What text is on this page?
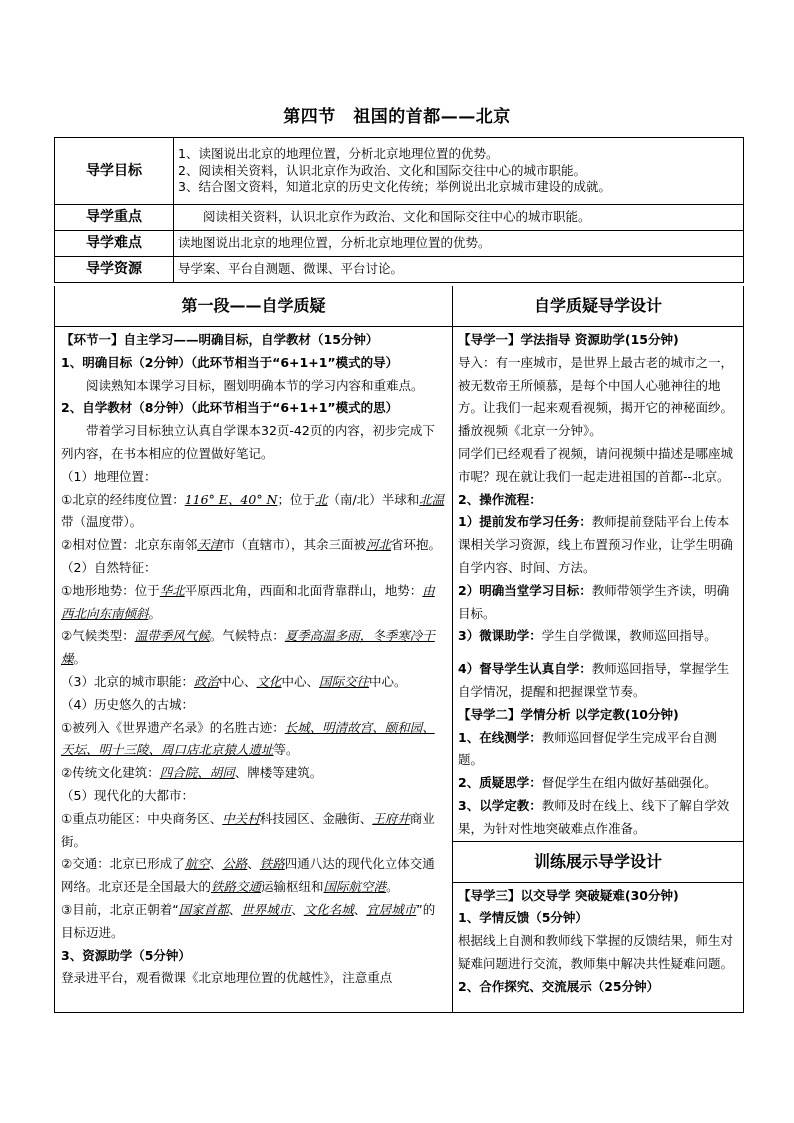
第四节　祖国的首都——北京
导学目标	1、读图说出北京的地理位置，分析北京地理位置的优势。
2、阅读相关资料，认识北京作为政治、文化和国际交往中心的城市职能。
3、结合图文资料，知道北京的历史文化传统；举例说出北京城市建设的成就。

导学重点	阅读相关资料，认识北京作为政治、文化和国际交往中心的城市职能。
导学难点	读地图说出北京的地理位置，分析北京地理位置的优势。
导学资源	导学案、平台自测题、微课、平台讨论。
第一段——自学质疑

【环节一】自主学习——明确目标，自学教材（15分钟）

1、明确目标（2分钟）（此环节相当于“6+1+1”模式的导）

阅读熟知本课学习目标，圈划明确本节的学习内容和重难点。

2、自学教材（8分钟）（此环节相当于“6+1+1”模式的思）

带着学习目标独立认真自学课本32页-42页的内容，初步完成下列内容，在书本相应的位置做好笔记。

（1）地理位置：

①北京的经纬度位置：116° E、40° N；位于北（南/北）半球和北温带（温度带）。

②相对位置：北京东南邻天津市（直辖市），其余三面被河北省环抱。

（2）自然特征：

①地形地势：位于华北平原西北角，西面和北面背靠群山，地势：由西北向东南倾斜。

②气候类型：温带季风气候。气候特点：夏季高温多雨，冬季寒冷干燥。

（3）北京的城市职能：政治中心、文化中心、国际交往中心。

（4）历史悠久的古城：

①被列入《世界遗产名录》的名胜古迹：长城、明清故宫、颐和园、天坛、明十三陵、周口店北京猿人遗址等。

②传统文化建筑：四合院、胡同、牌楼等建筑。

（5）现代化的大都市：

①重点功能区：中央商务区、中关村科技园区、金融街、王府井商业街。

②交通：北京已形成了航空、公路、铁路四通八达的现代化立体交通网络。北京还是全国最大的铁路交通运输枢纽和国际航空港。

③目前，北京正朝着“国家首都、世界城市、文化名城、宜居城市”的目标迈进。

3、资源助学（5分钟）

登录进平台，观看微课《北京地理位置的优越性》，注意重点

自学质疑导学设计

【导学一】学法指导 资源助学(15分钟)

导入：有一座城市，是世界上最古老的城市之一，被无数帝王所倾慕，是每个中国人心驰神往的地方。让我们一起来观看视频，揭开它的神秘面纱。

播放视频《北京一分钟》。

同学们已经观看了视频，请问视频中描述是哪座城市呢？现在就让我们一起走进祖国的首都--北京。

2、操作流程：

1）提前发布学习任务：教师提前登陆平台上传本课相关学习资源，线上布置预习作业，让学生明确自学内容、时间、方法。

2）明确当堂学习目标：教师带领学生齐读，明确目标。

3）微课助学：学生自学微课，教师巡回指导。

4）督导学生认真自学：教师巡回指导，掌握学生自学情况，提醒和把握课堂节奏。

【导学二】学情分析 以学定教(10分钟)

1、在线测学：教师巡回督促学生完成平台自测题。

2、质疑思学：督促学生在组内做好基础强化。

3、以学定教：教师及时在线上、线下了解自学效果，为针对性地突破难点作准备。

训练展示导学设计

【导学三】以交导学 突破疑难(30分钟)

1、学情反馈（5分钟）

根据线上自测和教师线下掌握的反馈结果，师生对疑难问题进行交流，教师集中解决共性疑难问题。

2、合作探究、交流展示（25分钟）
